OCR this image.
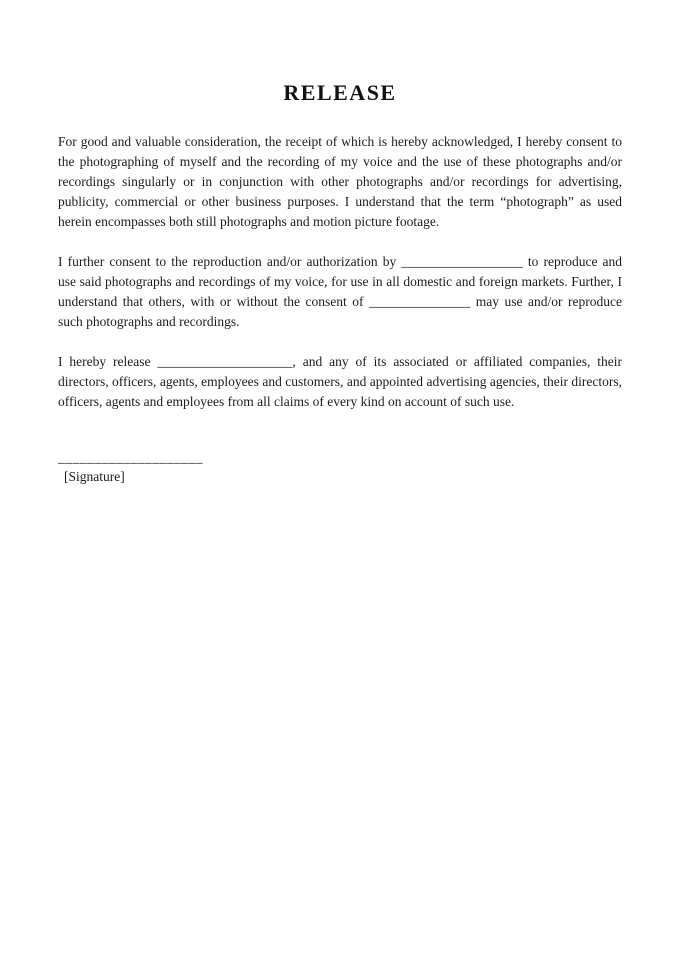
RELEASE

For good and valuable consideration, the receipt of which is hereby acknowledged, I hereby consent to the photographing of myself and the recording of my voice and the use of these photographs and/or recordings singularly or in conjunction with other photographs and/or recordings for advertising, publicity, commercial or other business purposes. I understand that the term “photograph” as used herein encompasses both still photographs and motion picture footage.

I further consent to the reproduction and/or authorization by __________________ to reproduce and use said photographs and recordings of my voice, for use in all domestic and foreign markets. Further, I understand that others, with or without the consent of _______________ may use and/or reproduce such photographs and recordings.

I hereby release ____________________, and any of its associated or affiliated companies, their directors, officers, agents, employees and customers, and appointed advertising agencies, their directors, officers, agents and employees from all claims of every kind on account of such use.

____________________
[Signature]
